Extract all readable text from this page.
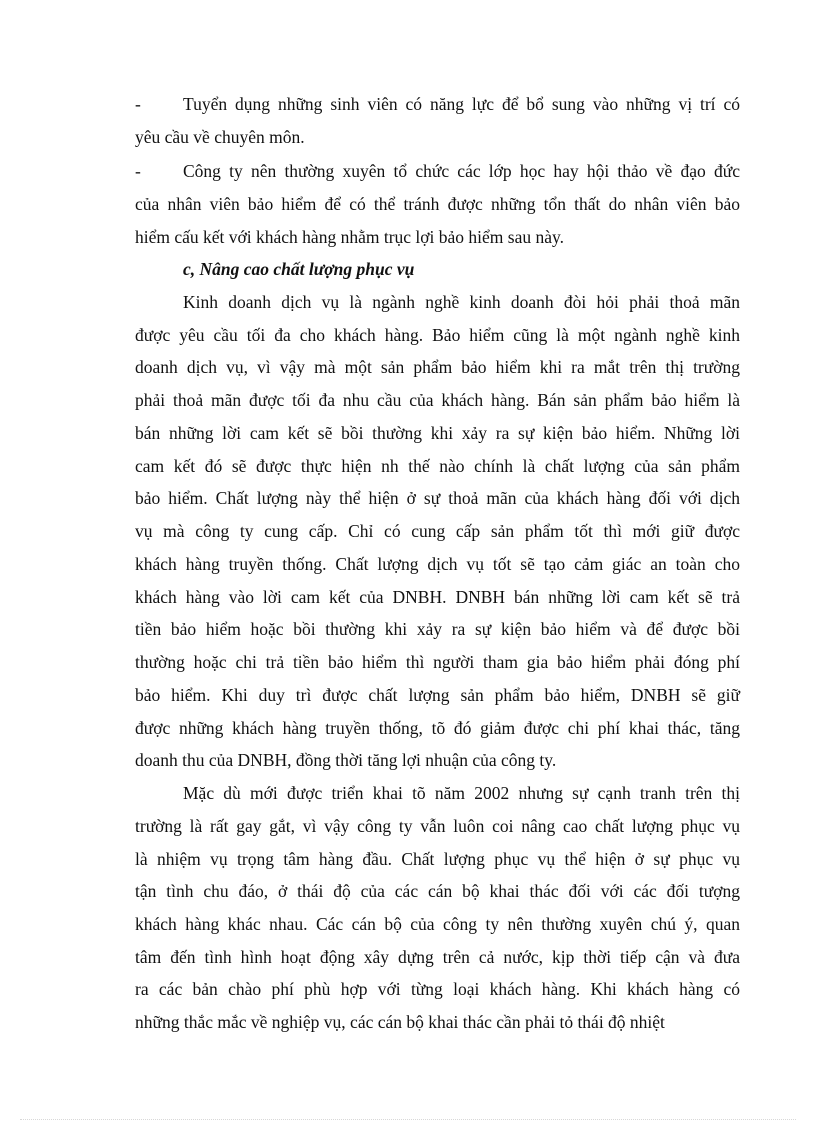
- Tuyển dụng những sinh viên có năng lực để bổ sung vào những vị trí có
yêu cầu về chuyên môn.
- Công ty nên thường xuyên tổ chức các lớp học hay hội thảo về đạo đức
của nhân viên bảo hiểm để có thể tránh được những tổn thất do nhân viên bảo
hiểm cấu kết với khách hàng nhằm trục lợi bảo hiểm sau này.
c, Nâng cao chất lượng phục vụ
Kinh doanh dịch vụ là ngành nghề kinh doanh đòi hỏi phải thoả mãn
được yêu cầu tối đa cho khách hàng. Bảo hiểm cũng là một ngành nghề kinh
doanh dịch vụ, vì vậy mà một sản phẩm bảo hiểm khi ra mắt trên thị trường
phải thoả mãn được tối đa nhu cầu của khách hàng. Bán sản phẩm bảo hiểm là
bán những lời cam kết sẽ bồi thường khi xảy ra sự kiện bảo hiểm. Những lời
cam kết đó sẽ được thực hiện nh thế nào chính là chất lượng của sản phẩm
bảo hiểm. Chất lượng này thể hiện ở sự thoả mãn của khách hàng đối với dịch
vụ mà công ty cung cấp. Chỉ có cung cấp sản phẩm tốt thì mới giữ được
khách hàng truyền thống. Chất lượng dịch vụ tốt sẽ tạo cảm giác an toàn cho
khách hàng vào lời cam kết của DNBH. DNBH bán những lời cam kết sẽ trả
tiền bảo hiểm hoặc bồi thường khi xảy ra sự kiện bảo hiểm và để được bồi
thường hoặc chi trả tiền bảo hiểm thì người tham gia bảo hiểm phải đóng phí
bảo hiểm. Khi duy trì được chất lượng sản phẩm bảo hiểm, DNBH sẽ giữ
được những khách hàng truyền thống, tõ đó giảm được chi phí khai thác, tăng
doanh thu của DNBH, đồng thời tăng lợi nhuận của công ty.
Mặc dù mới được triển khai tõ năm 2002 nhưng sự cạnh tranh trên thị
trường là rất gay gắt, vì vậy công ty vẫn luôn coi nâng cao chất lượng phục vụ
là nhiệm vụ trọng tâm hàng đầu. Chất lượng phục vụ thể hiện ở sự phục vụ
tận tình chu đáo, ở thái độ của các cán bộ khai thác đối với các đối tượng
khách hàng khác nhau. Các cán bộ của công ty nên thường xuyên chú ý, quan
tâm đến tình hình hoạt động xây dựng trên cả nước, kịp thời tiếp cận và đưa
ra các bản chào phí phù hợp với từng loại khách hàng. Khi khách hàng có
những thắc mắc về nghiệp vụ, các cán bộ khai thác cần phải tỏ thái độ nhiệt
